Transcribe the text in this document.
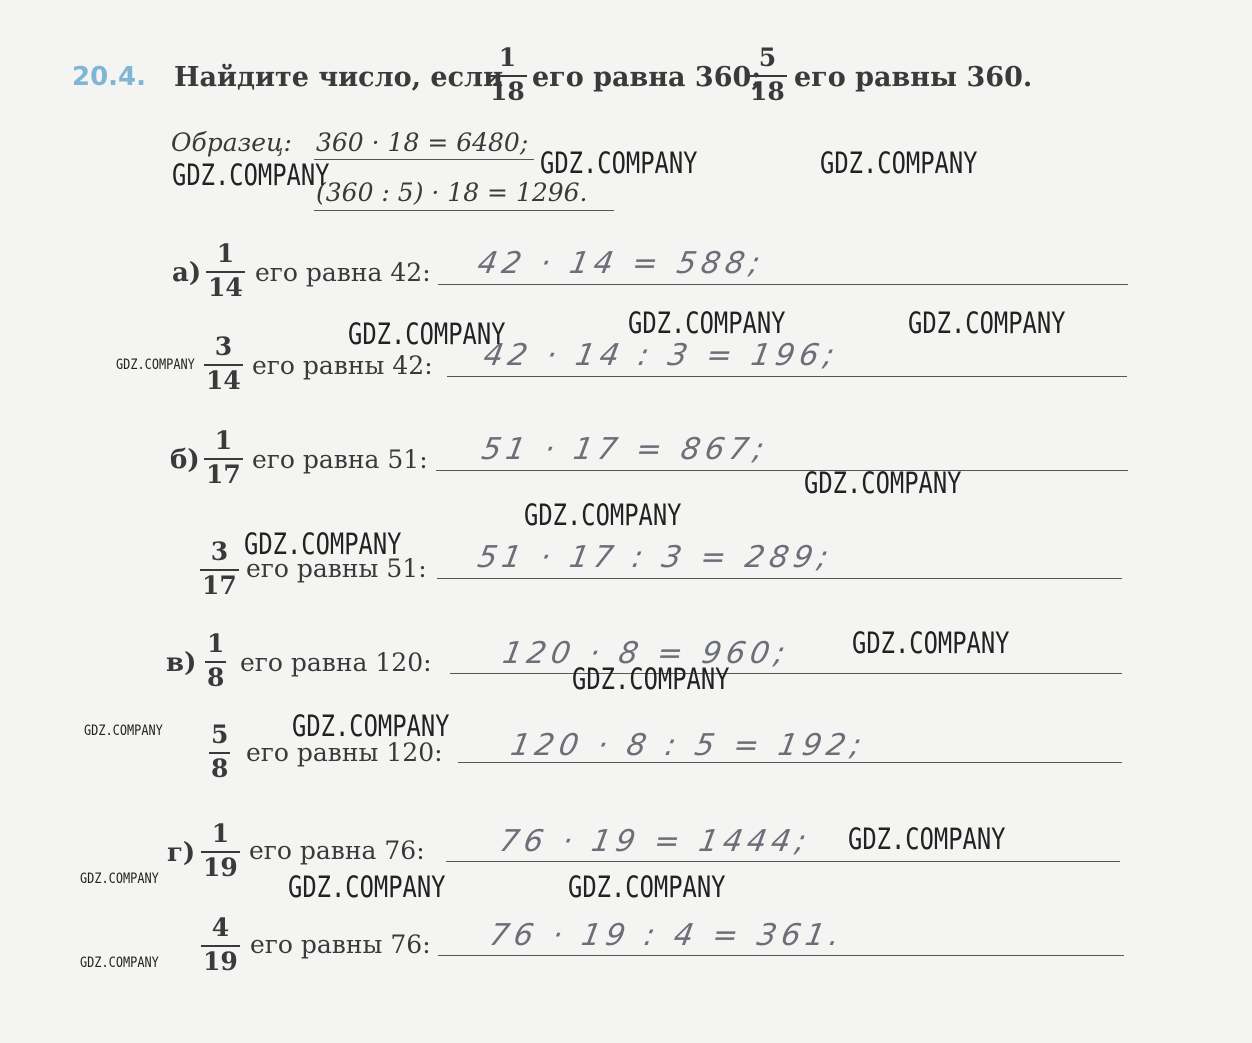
20.4. Найдите число, если
1
18 его равна 360;
5
18 его равны 360.
Образец: 360 · 18 = 6480;
(360 : 5) · 18 = 1296.
а)
1
14
его равна 42: 42 · 14 = 588;
3
14
его равны 42: 42 · 14 : 3 = 196;
б)
1
17
его равна 51: 51 · 17 = 867;
3
17
его равны 51: 51 · 17 : 3 = 289;
в)
1
8
его равна 120: 120 · 8 = 960;
5
8
его равны 120: 120 · 8 : 5 = 192;
г)
1
19
его равна 76: 76 · 19 = 1444;
4
19
его равны 76: 76 · 19 : 4 = 361.
GDZ.COMPANY	GDZ.COMPANY	GDZ.COMPANY
GDZ.COMPANY	GDZ.COMPANY	GDZ.COMPANY
GDZ.COMPANY
GDZ.COMPANY
GDZ.COMPANY
GDZ.COMPANY
GDZ.COMPANY
GDZ.COMPANY
GDZ.COMPANY
GDZ.COMPANY
GDZ.COMPANY
GDZ.COMPANY	GDZ.COMPANY
GDZ.COMPANY
GDZ.COMPANY
